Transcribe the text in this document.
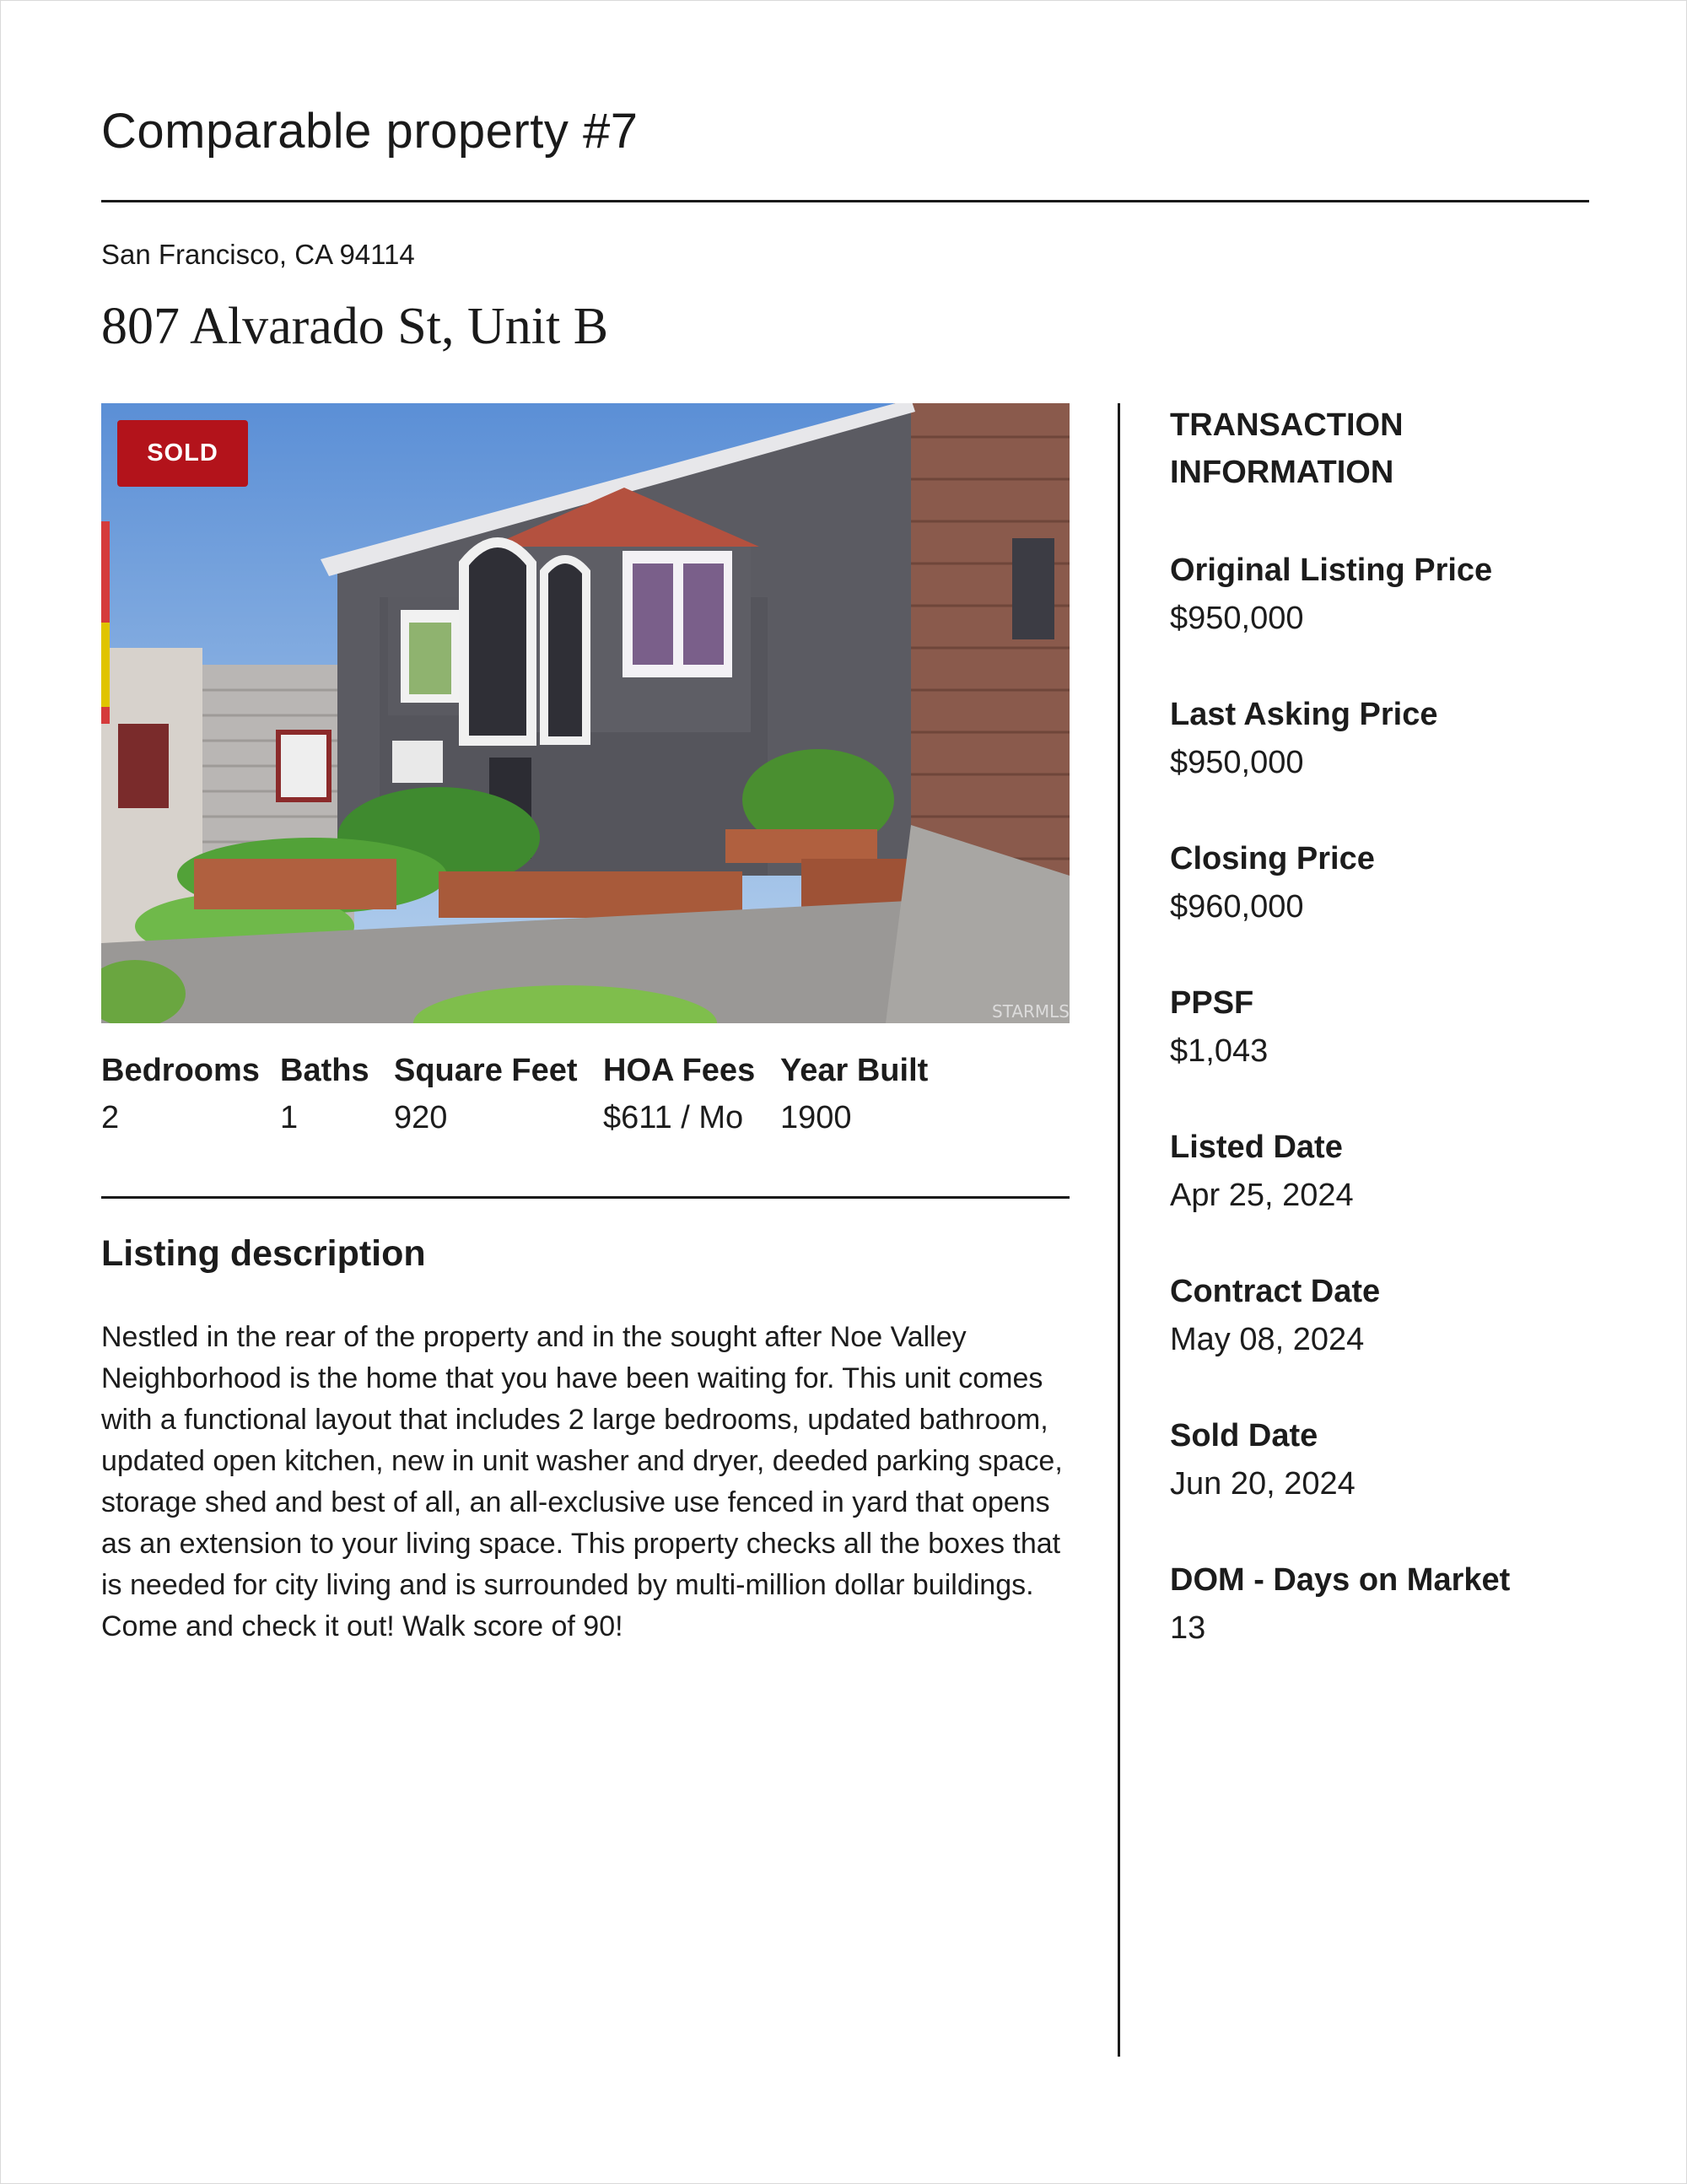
Comparable property #7
San Francisco, CA 94114
807 Alvarado St, Unit B
STARMLS
SOLD
Bedrooms
2
Baths
1
Square Feet
920
HOA Fees
$611 / Mo
Year Built
1900
Listing description
Nestled in the rear of the property and in the sought after Noe Valley Neighborhood is the home that you have been waiting for. This unit comes with a functional layout that includes 2 large bedrooms, updated bathroom, updated open kitchen, new in unit washer and dryer, deeded parking space, storage shed and best of all, an all-exclusive use fenced in yard that opens as an extension to your living space. This property checks all the boxes that is needed for city living and is surrounded by multi-million dollar buildings. Come and check it out! Walk score of 90!
TRANSACTION INFORMATION
Original Listing Price
$950,000
Last Asking Price
$950,000
Closing Price
$960,000
PPSF
$1,043
Listed Date
Apr 25, 2024
Contract Date
May 08, 2024
Sold Date
Jun 20, 2024
DOM - Days on Market
13
